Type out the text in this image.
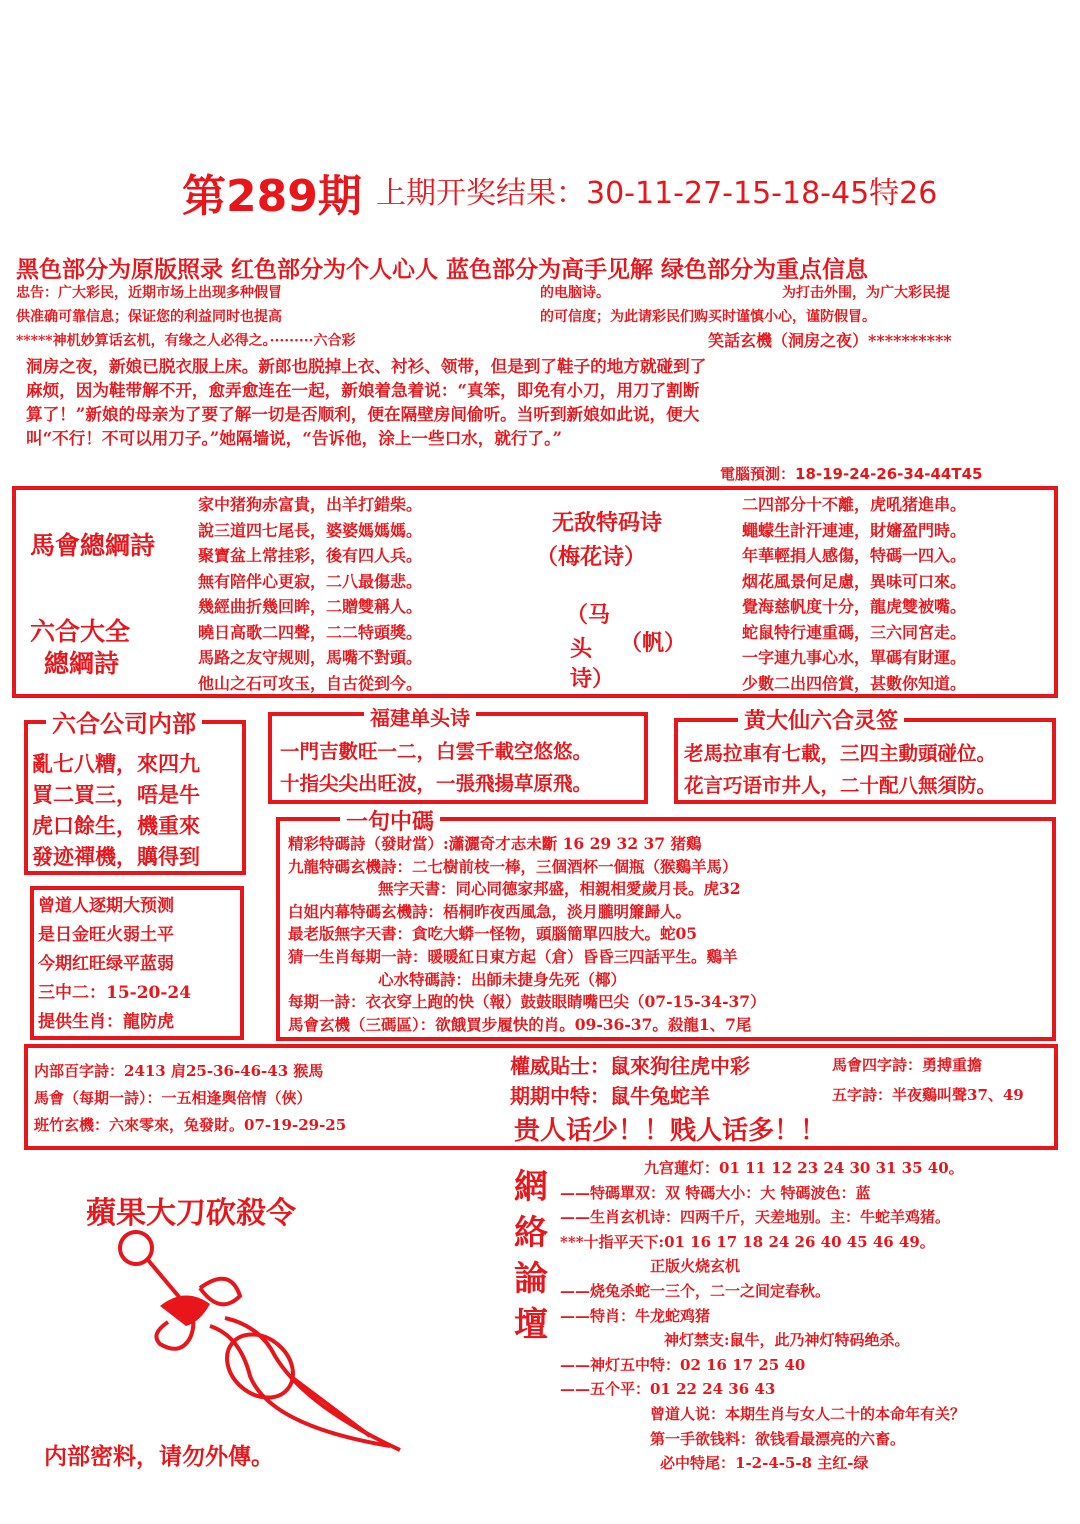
第289期 上期开奖结果：30-11-27-15-18-45特26
黑色部分为原版照录 红色部分为个人心人 蓝色部分为高手见解 绿色部分为重点信息
忠告：广大彩民，近期市场上出现多种假冒
供准确可靠信息；保证您的利益同时也提高
的电脑诗。
的可信度；为此请彩民们购买时谨慎小心，谨防假冒。
为打击外围，为广大彩民提
*****神机妙算话玄机，有缘之人必得之。·········六合彩	笑話玄機（洞房之夜）**********
洞房之夜，新娘已脱衣服上床。新郎也脱掉上衣、衬衫、领带，但是到了鞋子的地方就碰到了
麻烦，因为鞋带解不开，愈弄愈连在一起，新娘着急着说：“真笨，即免有小刀，用刀了割断
算了！”新娘的母亲为了要了解一切是否顺利，便在隔壁房间偷听。当听到新娘如此说，便大
叫“不行！不可以用刀子。”她隔墙说，“告诉他，涂上一些口水，就行了。”
電腦預測：18-19-24-26-34-44T45
馬會總綱詩
六合大全
總綱詩
家中猪狗赤富貴，出羊打錯柴。
說三道四七尾長，婆婆媽媽媽。
聚寶盆上常挂彩，後有四人兵。
無有陪伴心更寂，二八最傷悲。
幾經曲折幾回眸，二贈雙稱人。
曉日高歌二四聲，二二特頭獎。
馬路之友守规则，馬嘴不對頭。
他山之石可攻玉，自古從到今。
无敌特码诗
（梅花诗）
（马
头 （帆）
诗）
二四部分十不離，虎吼猪進串。
蠅蠓生計汗連連，財嬸盈門時。
年華輕捐人感傷，特碼一四入。
烟花風景何足慮，異味可口來。
覺海慈帆度十分，龍虎雙被嘴。
蛇鼠特行連重碼，三六同宮走。
一字連九事心水，單碼有財運。
少數二出四倍賞，甚數你知道。
六合公司内部
亂七八糟，來四九
買二買三，唔是牛
虎口餘生，機重來
發迹禪機，贎得到
福建单头诗
一門吉數旺一二，白雲千載空悠悠。
十指尖尖出旺波，一張飛揚草原飛。
黄大仙六合灵签
老馬拉車有七載，三四主動頭碰位。
花言巧语市井人，二十配八無須防。
曾道人逐期大预测
是日金旺火弱土平
今期红旺绿平蓝弱
三中二：15-20-24
提供生肖：龍防虎
一句中碼
精彩特碼詩（發財當）:瀟灑奇才志未斷 16 29 32 37 猪鷄
九龍特碼玄機詩：二七樹前枝一棒，三個酒杯一個瓶（猴鷄羊馬）
無字天書：同心同德家邦盛，相親相愛歲月長。虎32
白姐内幕特碼玄機詩：梧桐昨夜西風急，淡月朧明簾歸人。
最老版無字天書：貪吃大蟒一怪物，頭腦簡單四肢大。蛇05
猜一生肖每期一詩：暖暖紅日東方起（倉）昏昏三四話平生。鷄羊
心水特碼詩：出師未捷身先死（椰）
每期一詩：衣衣穿上跑的快（報）鼓鼓眼睛嘴巴尖（07-15-34-37）
馬會玄機（三碼區）：欲餓買步履快的肖。09-36-37。殺龍1、7尾
内部百字詩：2413 肩25-36-46-43 猴馬
馬會（每期一詩）：一五相逢舆倍情（俠）
班竹玄機：六來零來，兔發財。07-19-29-25
權威貼士：鼠來狗往虎中彩
期期中特：鼠牛兔蛇羊
馬會四字詩：勇搏重擔
五字詩：半夜鷄叫聲37、49
贵人话少！！贱人话多！！
蘋果大刀砍殺令
内部密料，请勿外傳。
網
絡
論
壇
九宫蓮灯：01 11 12 23 24 30 31 35 40。
——特碼單双：双 特碼大小：大 特碼波色：蓝
——生肖玄机诗：四两千斤，天差地别。主：牛蛇羊鸡猪。
***十指平天下:01 16 17 18 24 26 40 45 46 49。
正版火烧玄机
——烧兔杀蛇一三个，二一之间定春秋。
——特肖：牛龙蛇鸡猪
神灯禁支:鼠牛，此乃神灯特码绝杀。
——神灯五中特：02 16 17 25 40
——五个平：01 22 24 36 43
曾道人说：本期生肖与女人二十的本命年有关？
第一手欲钱料：欲钱看最漂亮的六畜。
必中特尾：1-2-4-5-8 主红-绿
